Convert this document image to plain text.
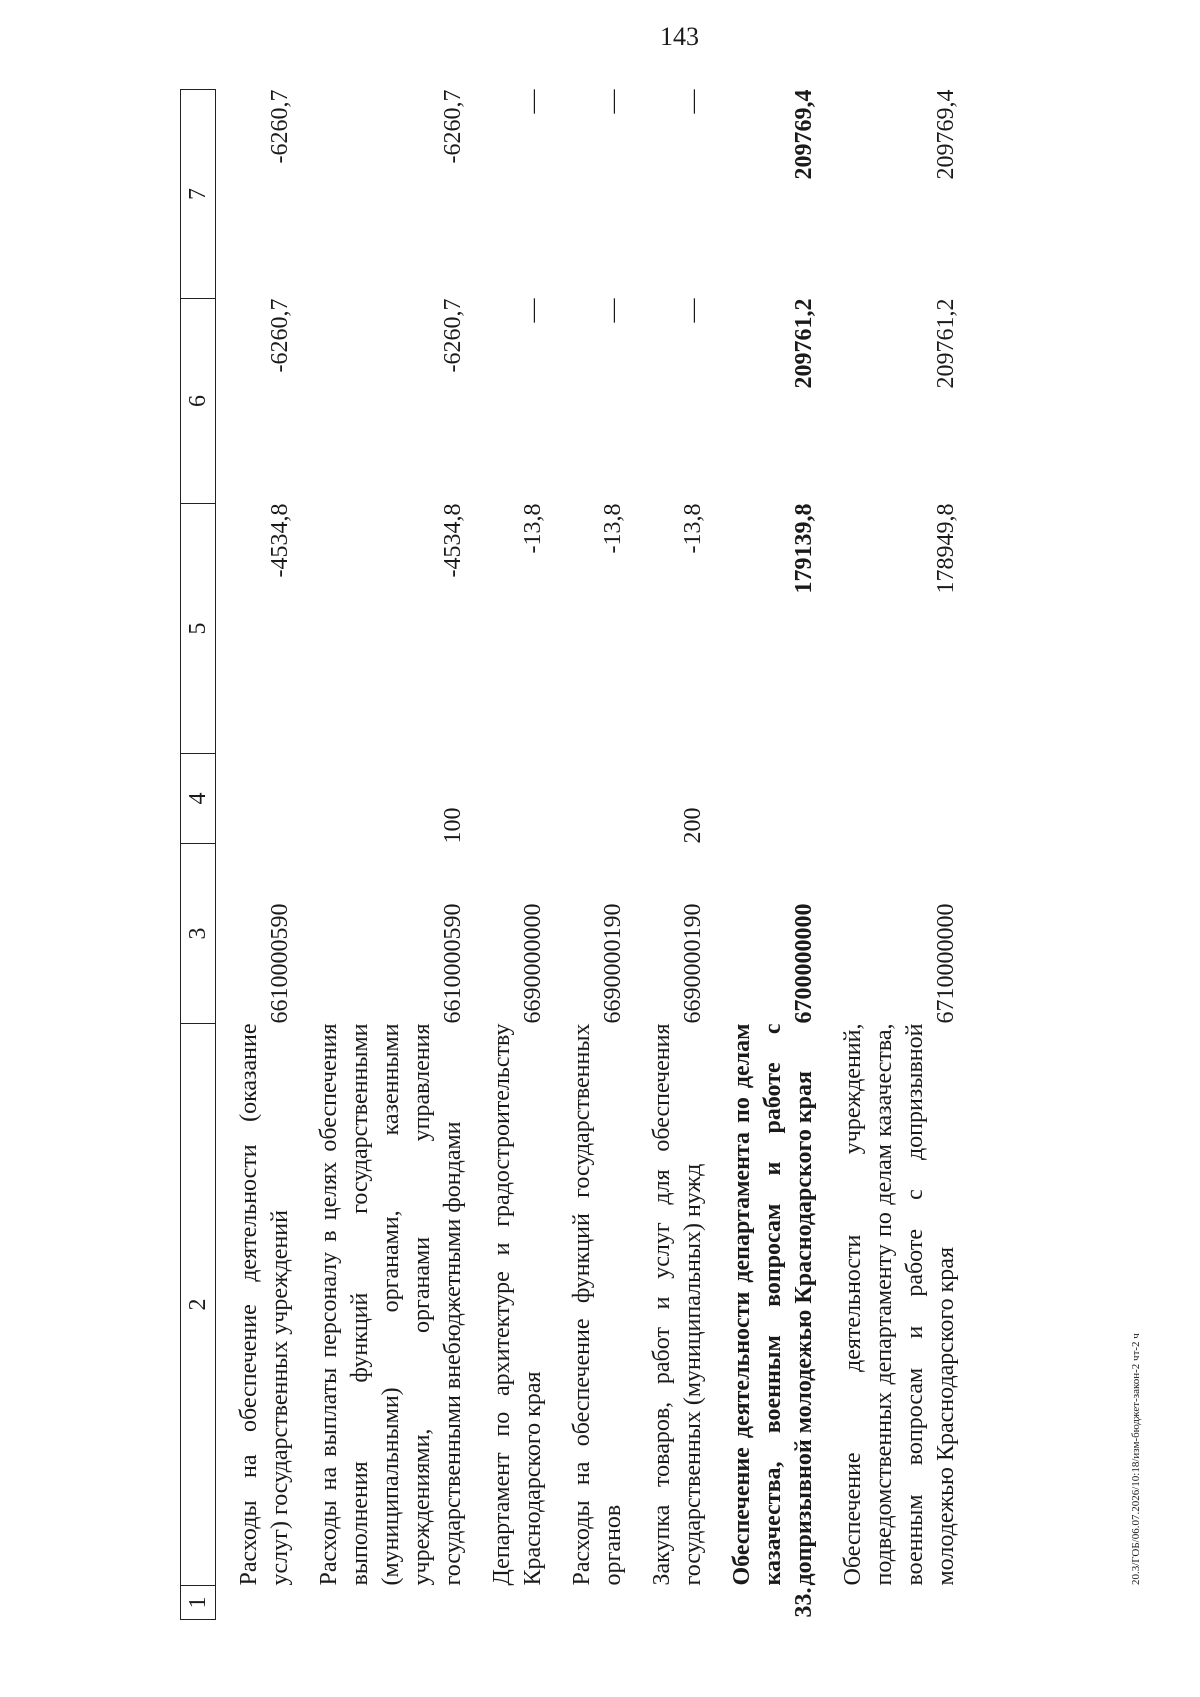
143
1	2	3	4	5	6	7
	Расходы на обеспечение деятельности (оказание услуг) государственных учреждений	6610000590		-4534,8	-6260,7	-6260,7
	Расходы на выплаты персоналу в целях обеспечения выполнения функций государственными (муниципальными) органами, казенными учреждениями, органами управления государственными внебюджетными фондами	6610000590	100	-4534,8	-6260,7	-6260,7
	Департамент по архитектуре и градостроительству Краснодарского края	6690000000		-13,8	—	—
	Расходы на обеспечение функций государственных органов	6690000190		-13,8	—	—
	Закупка товаров, работ и услуг для обеспечения государственных (муниципальных) нужд	6690000190	200	-13,8	—	—
33.	Обеспечение деятельности департамента по делам казачества, военным вопросам и работе с допризывной молодежью Краснодарского края	6700000000		179139,8	209761,2	209769,4
	Обеспечение деятельности учреждений, подведомственных департаменту по делам казачества, военным вопросам и работе с допризывной молодежью Краснодарского края	6710000000		178949,8	209761,2	209769,4
20.3/ГОБ/06.07.2026/10:18/изм-бюджет-закон-2 чт-2 ч
